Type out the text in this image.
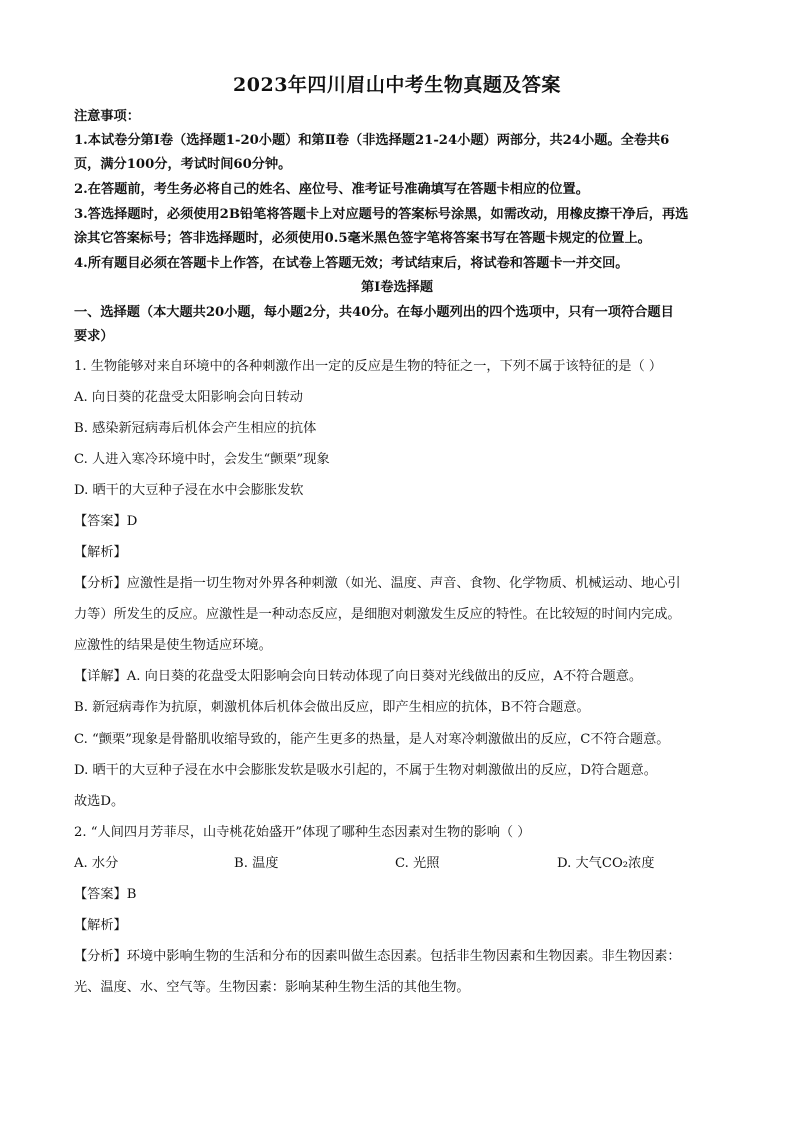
2023年四川眉山中考生物真题及答案
注意事项：
1.本试卷分第Ⅰ卷（选择题1-20小题）和第Ⅱ卷（非选择题21-24小题）两部分，共24小题。全卷共6
页，满分100分，考试时间60分钟。
2.在答题前，考生务必将自己的姓名、座位号、准考证号准确填写在答题卡相应的位置。
3.答选择题时，必须使用2B铅笔将答题卡上对应题号的答案标号涂黑，如需改动，用橡皮擦干净后，再选
涂其它答案标号；答非选择题时，必须使用0.5毫米黑色签字笔将答案书写在答题卡规定的位置上。
4.所有题目必须在答题卡上作答，在试卷上答题无效；考试结束后，将试卷和答题卡一并交回。
第Ⅰ卷选择题
一、选择题（本大题共20小题，每小题2分，共40分。在每小题列出的四个选项中，只有一项符合题目
要求）
1. 生物能够对来自环境中的各种刺激作出一定的反应是生物的特征之一，下列不属于该特征的是（ ）
A. 向日葵的花盘受太阳影响会向日转动
B. 感染新冠病毒后机体会产生相应的抗体
C. 人进入寒冷环境中时，会发生“颤栗”现象
D. 晒干的大豆种子浸在水中会膨胀发软
【答案】D
【解析】
【分析】应激性是指一切生物对外界各种刺激（如光、温度、声音、食物、化学物质、机械运动、地心引
力等）所发生的反应。应激性是一种动态反应，是细胞对刺激发生反应的特性。在比较短的时间内完成。
应激性的结果是使生物适应环境。
【详解】A. 向日葵的花盘受太阳影响会向日转动体现了向日葵对光线做出的反应，A不符合题意。
B. 新冠病毒作为抗原，刺激机体后机体会做出反应，即产生相应的抗体，B不符合题意。
C. “颤栗”现象是骨骼肌收缩导致的，能产生更多的热量，是人对寒冷刺激做出的反应，C不符合题意。
D. 晒干的大豆种子浸在水中会膨胀发软是吸水引起的，不属于生物对刺激做出的反应，D符合题意。
故选D。
2. “人间四月芳菲尽，山寺桃花始盛开”体现了哪种生态因素对生物的影响（ ）
A. 水分	B. 温度	C. 光照	D. 大气CO₂浓度
【答案】B
【解析】
【分析】环境中影响生物的生活和分布的因素叫做生态因素。包括非生物因素和生物因素。非生物因素：
光、温度、水、空气等。生物因素：影响某种生物生活的其他生物。
